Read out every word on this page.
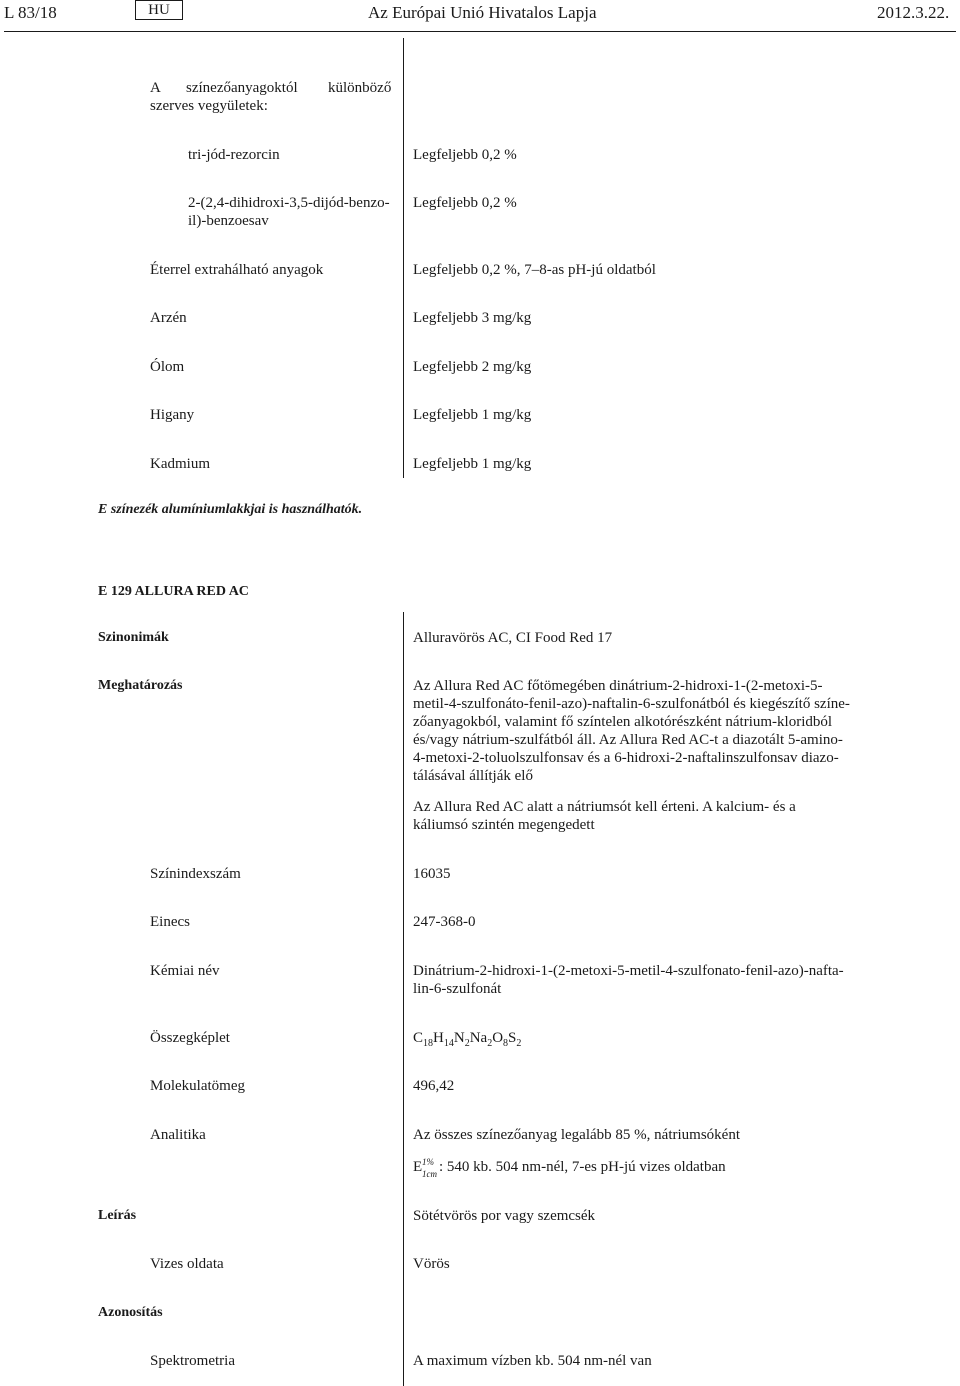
L 83/18	HU	Az Európai Unió Hivatalos Lapja	2012.3.22.
A színezőanyagoktól különböző
szerves vegyületek:
tri-jód-rezorcin	Legfeljebb 0,2 %
2-(2,4-dihidroxi-3,5-dijód-benzo-
il)-benzoesav
Legfeljebb 0,2 %
Éterrel extrahálható anyagok	Legfeljebb 0,2 %, 7–8-as pH-jú oldatból
Arzén	Legfeljebb 3 mg/kg
Ólom	Legfeljebb 2 mg/kg
Higany	Legfeljebb 1 mg/kg
Kadmium	Legfeljebb 1 mg/kg
E színezék alumíniumlakkjai is használhatók.
E 129 ALLURA RED AC
Szinonimák	Alluravörös AC, CI Food Red 17
Meghatározás	Az Allura Red AC főtömegében dinátrium-2-hidroxi-1-(2-metoxi-5-
metil-4-szulfonáto-fenil-azo)-naftalin-6-szulfonátból és kiegészítő színe-
zőanyagokból, valamint fő színtelen alkotórészként nátrium-kloridból
és/vagy nátrium-szulfátból áll. Az Allura Red AC-t a diazotált 5-amino-
4-metoxi-2-toluolszulfonsav és a 6-hidroxi-2-naftalinszulfonsav diazo-
tálásával állítják elő
Az Allura Red AC alatt a nátriumsót kell érteni. A kalcium- és a
káliumsó szintén megengedett
Színindexszám	16035
Einecs	247-368-0
Kémiai név	Dinátrium-2-hidroxi-1-(2-metoxi-5-metil-4-szulfonato-fenil-azo)-nafta-
lin-6-szulfonát
Összegképlet	$C_{18}H_{14}N_2Na_2O_8S_2$
Molekulatömeg	496,42
Analitika	Az összes színezőanyag legalább 85 %, nátriumsóként
E 1%
1cm : 540 kb. 504 nm-nél, 7-es pH-jú vizes oldatban
Leírás	Sötétvörös por vagy szemcsék
Vizes oldata	Vörös
Azonosítás
Spektrometria	A maximum vízben kb. 504 nm-nél van
